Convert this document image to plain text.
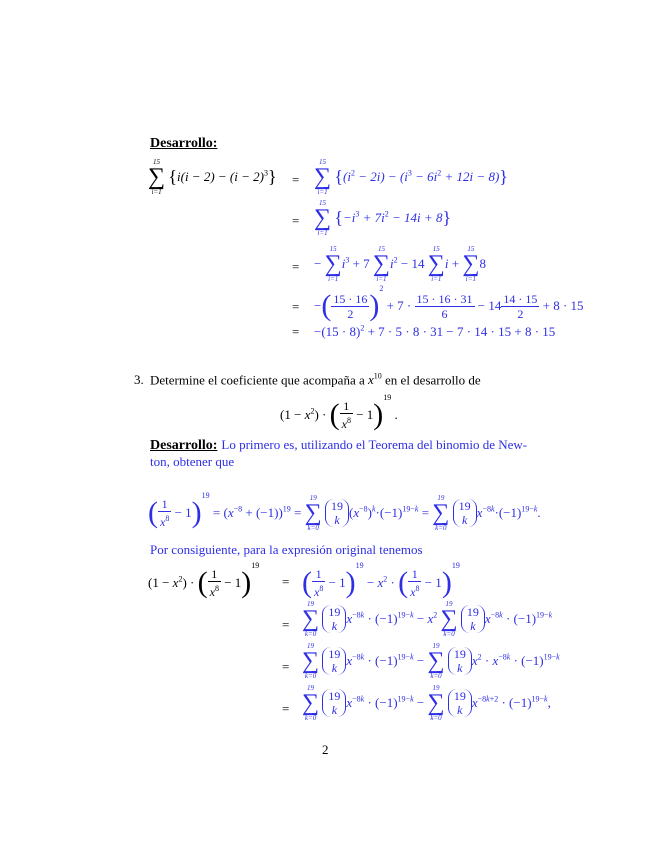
Desarrollo:
15
∑
i=1
$\{i(i - 2) - (i - 2)^3\}$ =
15
∑
i=1
$\{(i^2 - 2i) - (i^3 - 6i^2 + 12i - 8)\}$
=
15
∑
i=1
$\{-i^3 + 7i^2 - 14i + 8\}$
= −
15
∑
i=1
$i^3 + 7$
15
∑
i=1
$i^2 - 14$
15
∑
i=1
i +
15
∑
i=1
8
= −( $\frac{15 \cdot 16}{2} )^2 + 7 \cdot \frac{15 \cdot 16 \cdot 31}{6} - 14 \frac{14 \cdot 15}{2} + 8 \cdot 15$
= $-(15 \cdot 8)^2 + 7 \cdot 5 \cdot 8 \cdot 31 - 7 \cdot 14 \cdot 15 + 8 \cdot 15$
3. Determine el coeficiente que acompaña a $x^{10}$ en el desarrollo de
$(1 - x^2)$ · ( $\frac{1}{x^8} - 1)^{19}$ .
Desarrollo: Lo primero es, utilizando el Teorema del binomio de New-
ton, obtener que
( $\frac{1}{x^8} - 1)^{19} = (x^{-8} + (-1))^{19}$ =
19
∑
k=0

19
k $(x^{-8})^k\cdot(-1)^{19-k}$ =
19
∑
k=0

19
k $x^{-8k}\cdot(-1)^{19-k}$.
Por consiguiente, para la expresión original tenemos
$(1 - x^2)$ · ( $\frac{1}{x^8} - 1)^{19}$
= ( $\frac{1}{x^8} - 1)^{19} - x^2$ · ( $\frac{1}{x^8} - 1)^{19}$
=
19
∑
k=0

19
k $x^{-8k} \cdot (-1)^{19-k} - x^2$
19
∑
k=0

19
k $x^{-8k} \cdot (-1)^{19-k}$
=
19
∑
k=0

19
k $x^{-8k} \cdot (-1)^{19-k}$ −
19
∑
k=0

19
k $x^2 \cdot x^{-8k} \cdot (-1)^{19-k}$
=
19
∑
k=0

19
k $x^{-8k} \cdot (-1)^{19-k}$ −
19
∑
k=0

19
k $x^{-8k+2} \cdot (-1)^{19-k}$,
2
